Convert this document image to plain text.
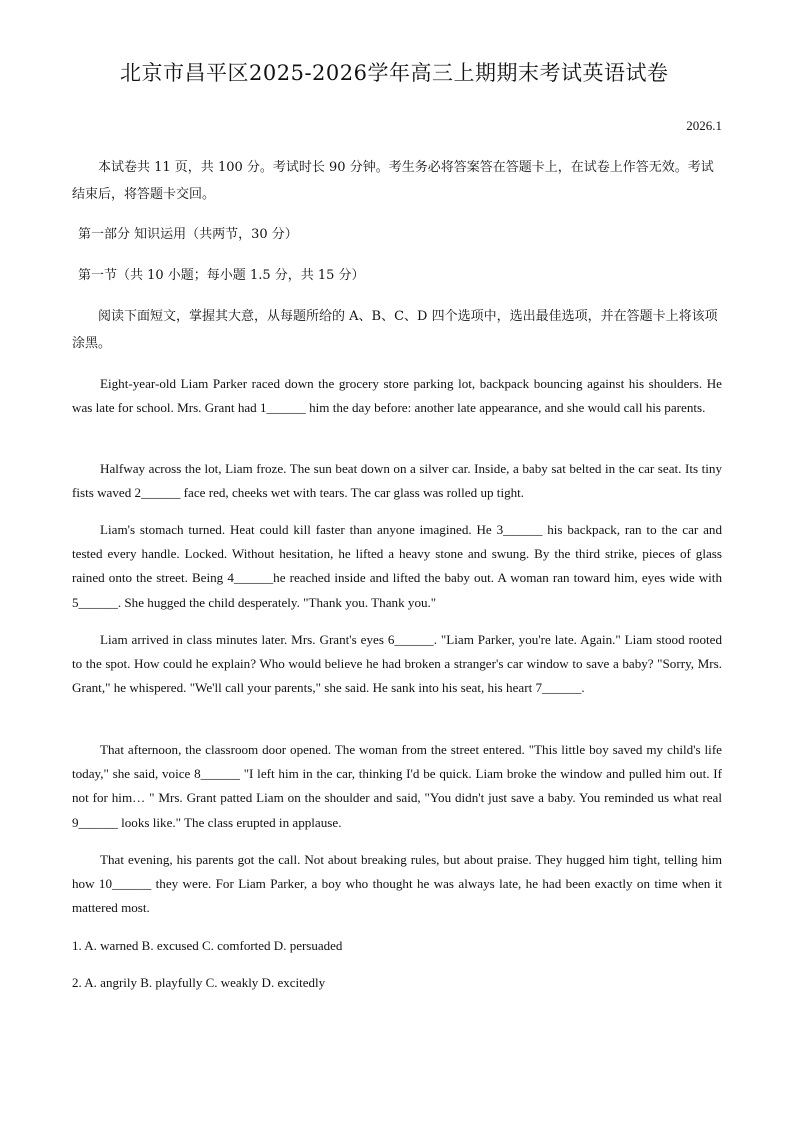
北京市昌平区2025-2026学年高三上期期末考试英语试卷
2026.1
本试卷共 11 页，共 100 分。考试时长 90 分钟。考生务必将答案答在答题卡上，在试卷上作答无效。考试结束后，将答题卡交回。
第一部分 知识运用（共两节，30 分）
第一节（共 10 小题；每小题 1.5 分，共 15 分）
阅读下面短文，掌握其大意，从每题所给的 A、B、C、D 四个选项中，选出最佳选项，并在答题卡上将该项涂黑。
Eight-year-old Liam Parker raced down the grocery store parking lot, backpack bouncing against his shoulders. He was late for school. Mrs. Grant had 1______ him the day before: another late appearance, and she would call his parents.
Halfway across the lot, Liam froze. The sun beat down on a silver car. Inside, a baby sat belted in the car seat. Its tiny fists waved 2______ face red, cheeks wet with tears. The car glass was rolled up tight.
Liam's stomach turned. Heat could kill faster than anyone imagined. He 3______ his backpack, ran to the car and tested every handle. Locked. Without hesitation, he lifted a heavy stone and swung. By the third strike, pieces of glass rained onto the street. Being 4______he reached inside and lifted the baby out. A woman ran toward him, eyes wide with 5______. She hugged the child desperately. "Thank you. Thank you."
Liam arrived in class minutes later. Mrs. Grant's eyes 6______. "Liam Parker, you're late. Again." Liam stood rooted to the spot. How could he explain? Who would believe he had broken a stranger's car window to save a baby? "Sorry, Mrs. Grant," he whispered. "We'll call your parents," she said. He sank into his seat, his heart 7______.
That afternoon, the classroom door opened. The woman from the street entered. "This little boy saved my child's life today," she said, voice 8______ "I left him in the car, thinking I'd be quick. Liam broke the window and pulled him out. If not for him… " Mrs. Grant patted Liam on the shoulder and said, "You didn't just save a baby. You reminded us what real 9______ looks like." The class erupted in applause.
That evening, his parents got the call. Not about breaking rules, but about praise. They hugged him tight, telling him how 10______ they were. For Liam Parker, a boy who thought he was always late, he had been exactly on time when it mattered most.
1. A. warned B. excused C. comforted D. persuaded
2. A. angrily B. playfully C. weakly D. excitedly
